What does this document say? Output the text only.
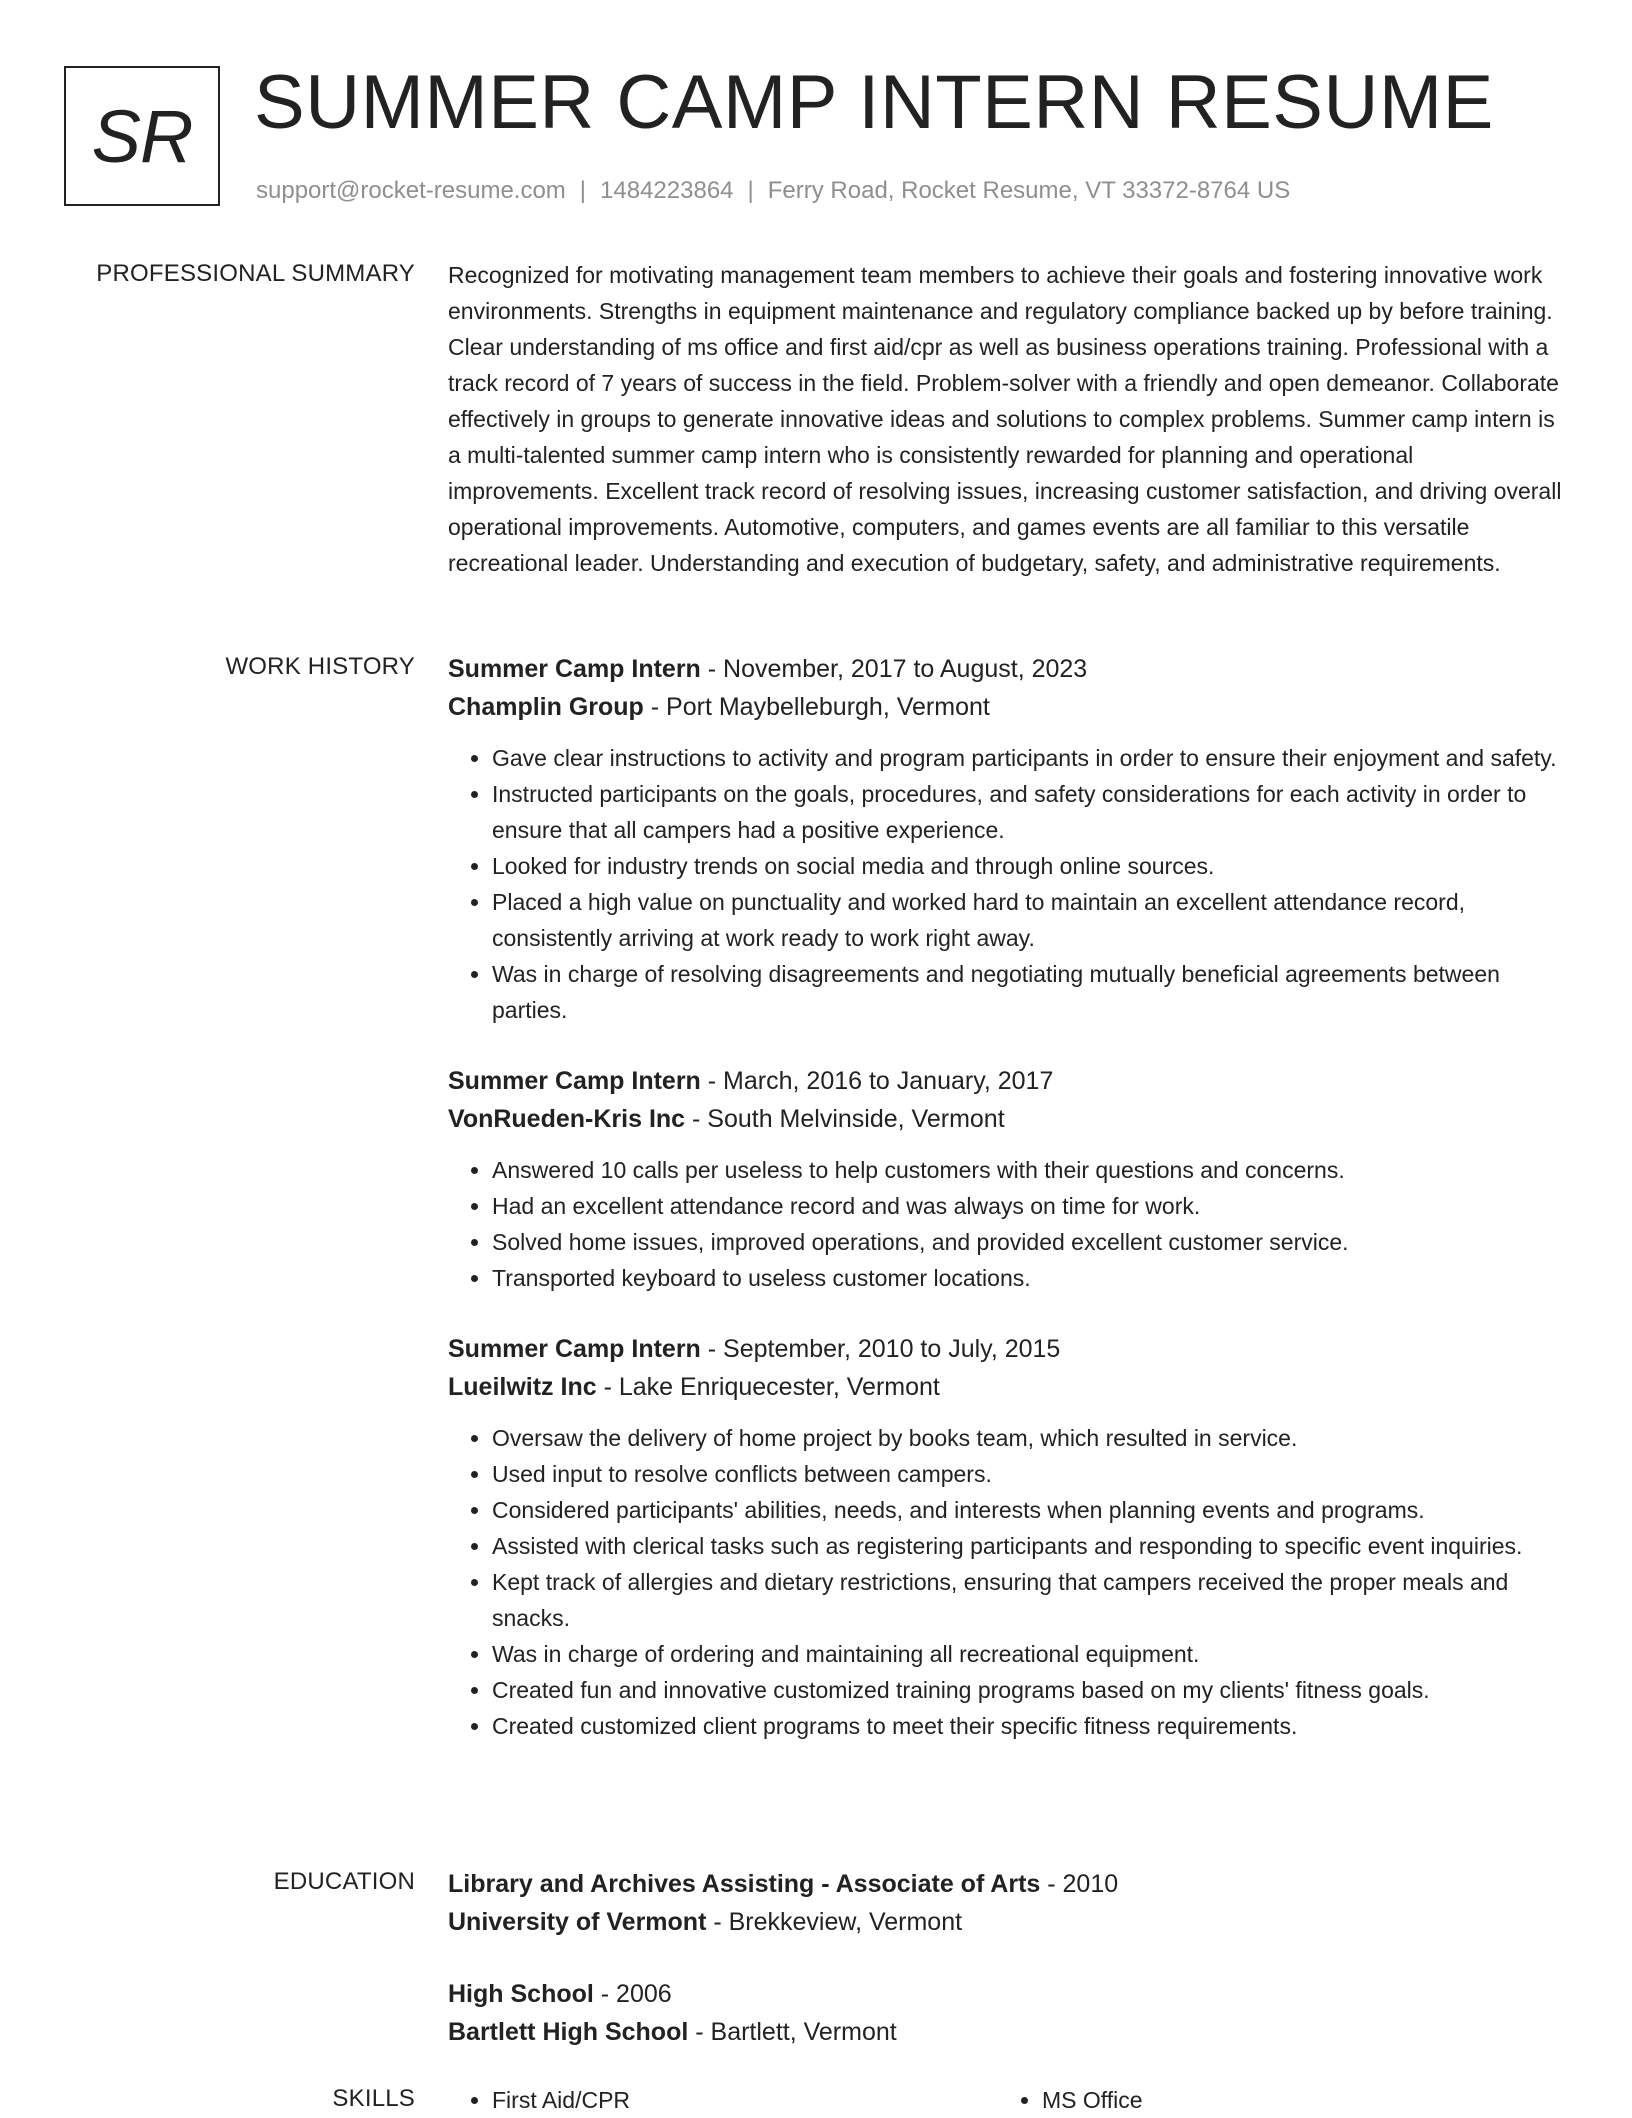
SR SUMMER CAMP INTERN RESUME
support@rocket-resume.com | 1484223864 | Ferry Road, Rocket Resume, VT 33372-8764 US
PROFESSIONAL SUMMARY Recognized for motivating management team members to achieve their goals and fostering innovative work environments. Strengths in equipment maintenance and regulatory compliance backed up by before training. Clear understanding of ms office and first aid/cpr as well as business operations training. Professional with a track record of 7 years of success in the field. Problem-solver with a friendly and open demeanor. Collaborate effectively in groups to generate innovative ideas and solutions to complex problems. Summer camp intern is a multi-talented summer camp intern who is consistently rewarded for planning and operational improvements. Excellent track record of resolving issues, increasing customer satisfaction, and driving overall operational improvements. Automotive, computers, and games events are all familiar to this versatile recreational leader. Understanding and execution of budgetary, safety, and administrative requirements.

WORK HISTORY Summer Camp Intern - November, 2017 to August, 2023
Champlin Group - Port Maybelleburgh, Vermont
• Gave clear instructions to activity and program participants in order to ensure their enjoyment and safety.
• Instructed participants on the goals, procedures, and safety considerations for each activity in order to ensure that all campers had a positive experience.
• Looked for industry trends on social media and through online sources.
• Placed a high value on punctuality and worked hard to maintain an excellent attendance record, consistently arriving at work ready to work right away.
• Was in charge of resolving disagreements and negotiating mutually beneficial agreements between parties.
Summer Camp Intern - March, 2016 to January, 2017
VonRueden-Kris Inc - South Melvinside, Vermont
• Answered 10 calls per useless to help customers with their questions and concerns.
• Had an excellent attendance record and was always on time for work.
• Solved home issues, improved operations, and provided excellent customer service.
• Transported keyboard to useless customer locations.
Summer Camp Intern - September, 2010 to July, 2015
Lueilwitz Inc - Lake Enriquecester, Vermont
• Oversaw the delivery of home project by books team, which resulted in service.
• Used input to resolve conflicts between campers.
• Considered participants' abilities, needs, and interests when planning events and programs.
• Assisted with clerical tasks such as registering participants and responding to specific event inquiries.
• Kept track of allergies and dietary restrictions, ensuring that campers received the proper meals and snacks.
• Was in charge of ordering and maintaining all recreational equipment.
• Created fun and innovative customized training programs based on my clients' fitness goals.
• Created customized client programs to meet their specific fitness requirements.
EDUCATION Library and Archives Assisting - Associate of Arts - 2010
University of Vermont - Brekkeview, Vermont
High School - 2006
Bartlett High School - Bartlett, Vermont
SKILLS	• First Aid/CPR	• MS Office
